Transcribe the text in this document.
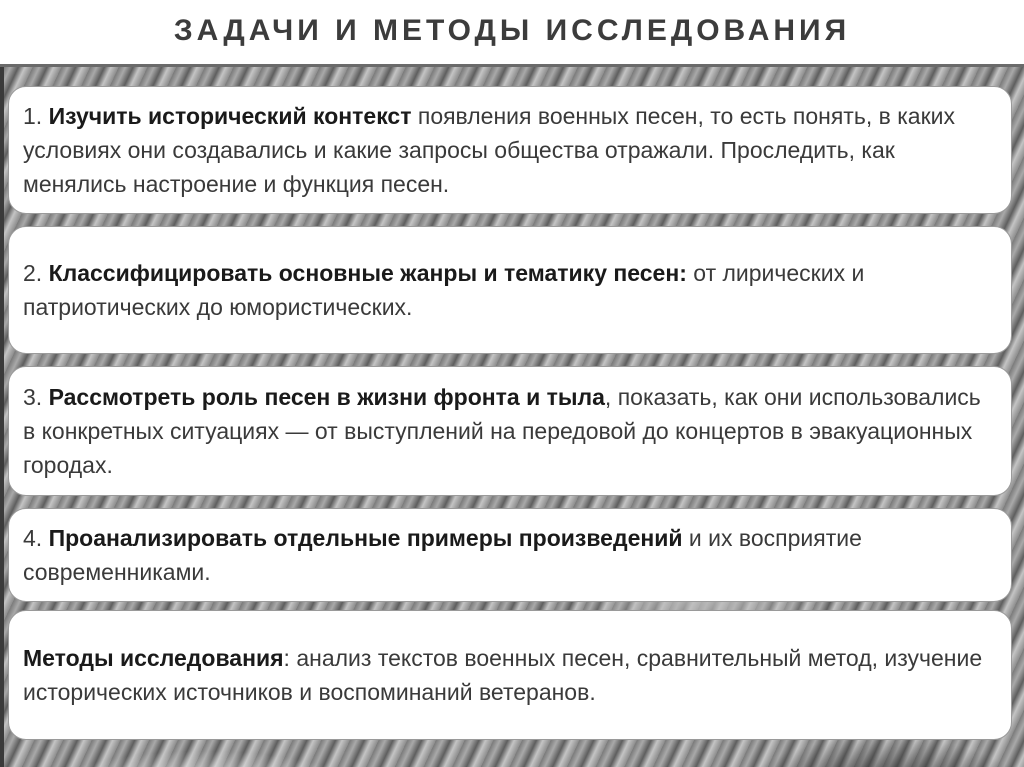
ЗАДАЧИ И МЕТОДЫ ИССЛЕДОВАНИЯ

1. Изучить исторический контекст появления военных песен, то есть понять, в каких условиях они создавались и какие запросы общества отражали. Проследить, как менялись настроение и функция песен.

2. Классифицировать основные жанры и тематику песен: от лирических и патриотических до юмористических.

3. Рассмотреть роль песен в жизни фронта и тыла, показать, как они использовались в конкретных ситуациях — от выступлений на передовой до концертов в эвакуационных городах.

4. Проанализировать отдельные примеры произведений и их восприятие современниками.

Методы исследования: анализ текстов военных песен, сравнительный метод, изучение исторических источников и воспоминаний ветеранов.
